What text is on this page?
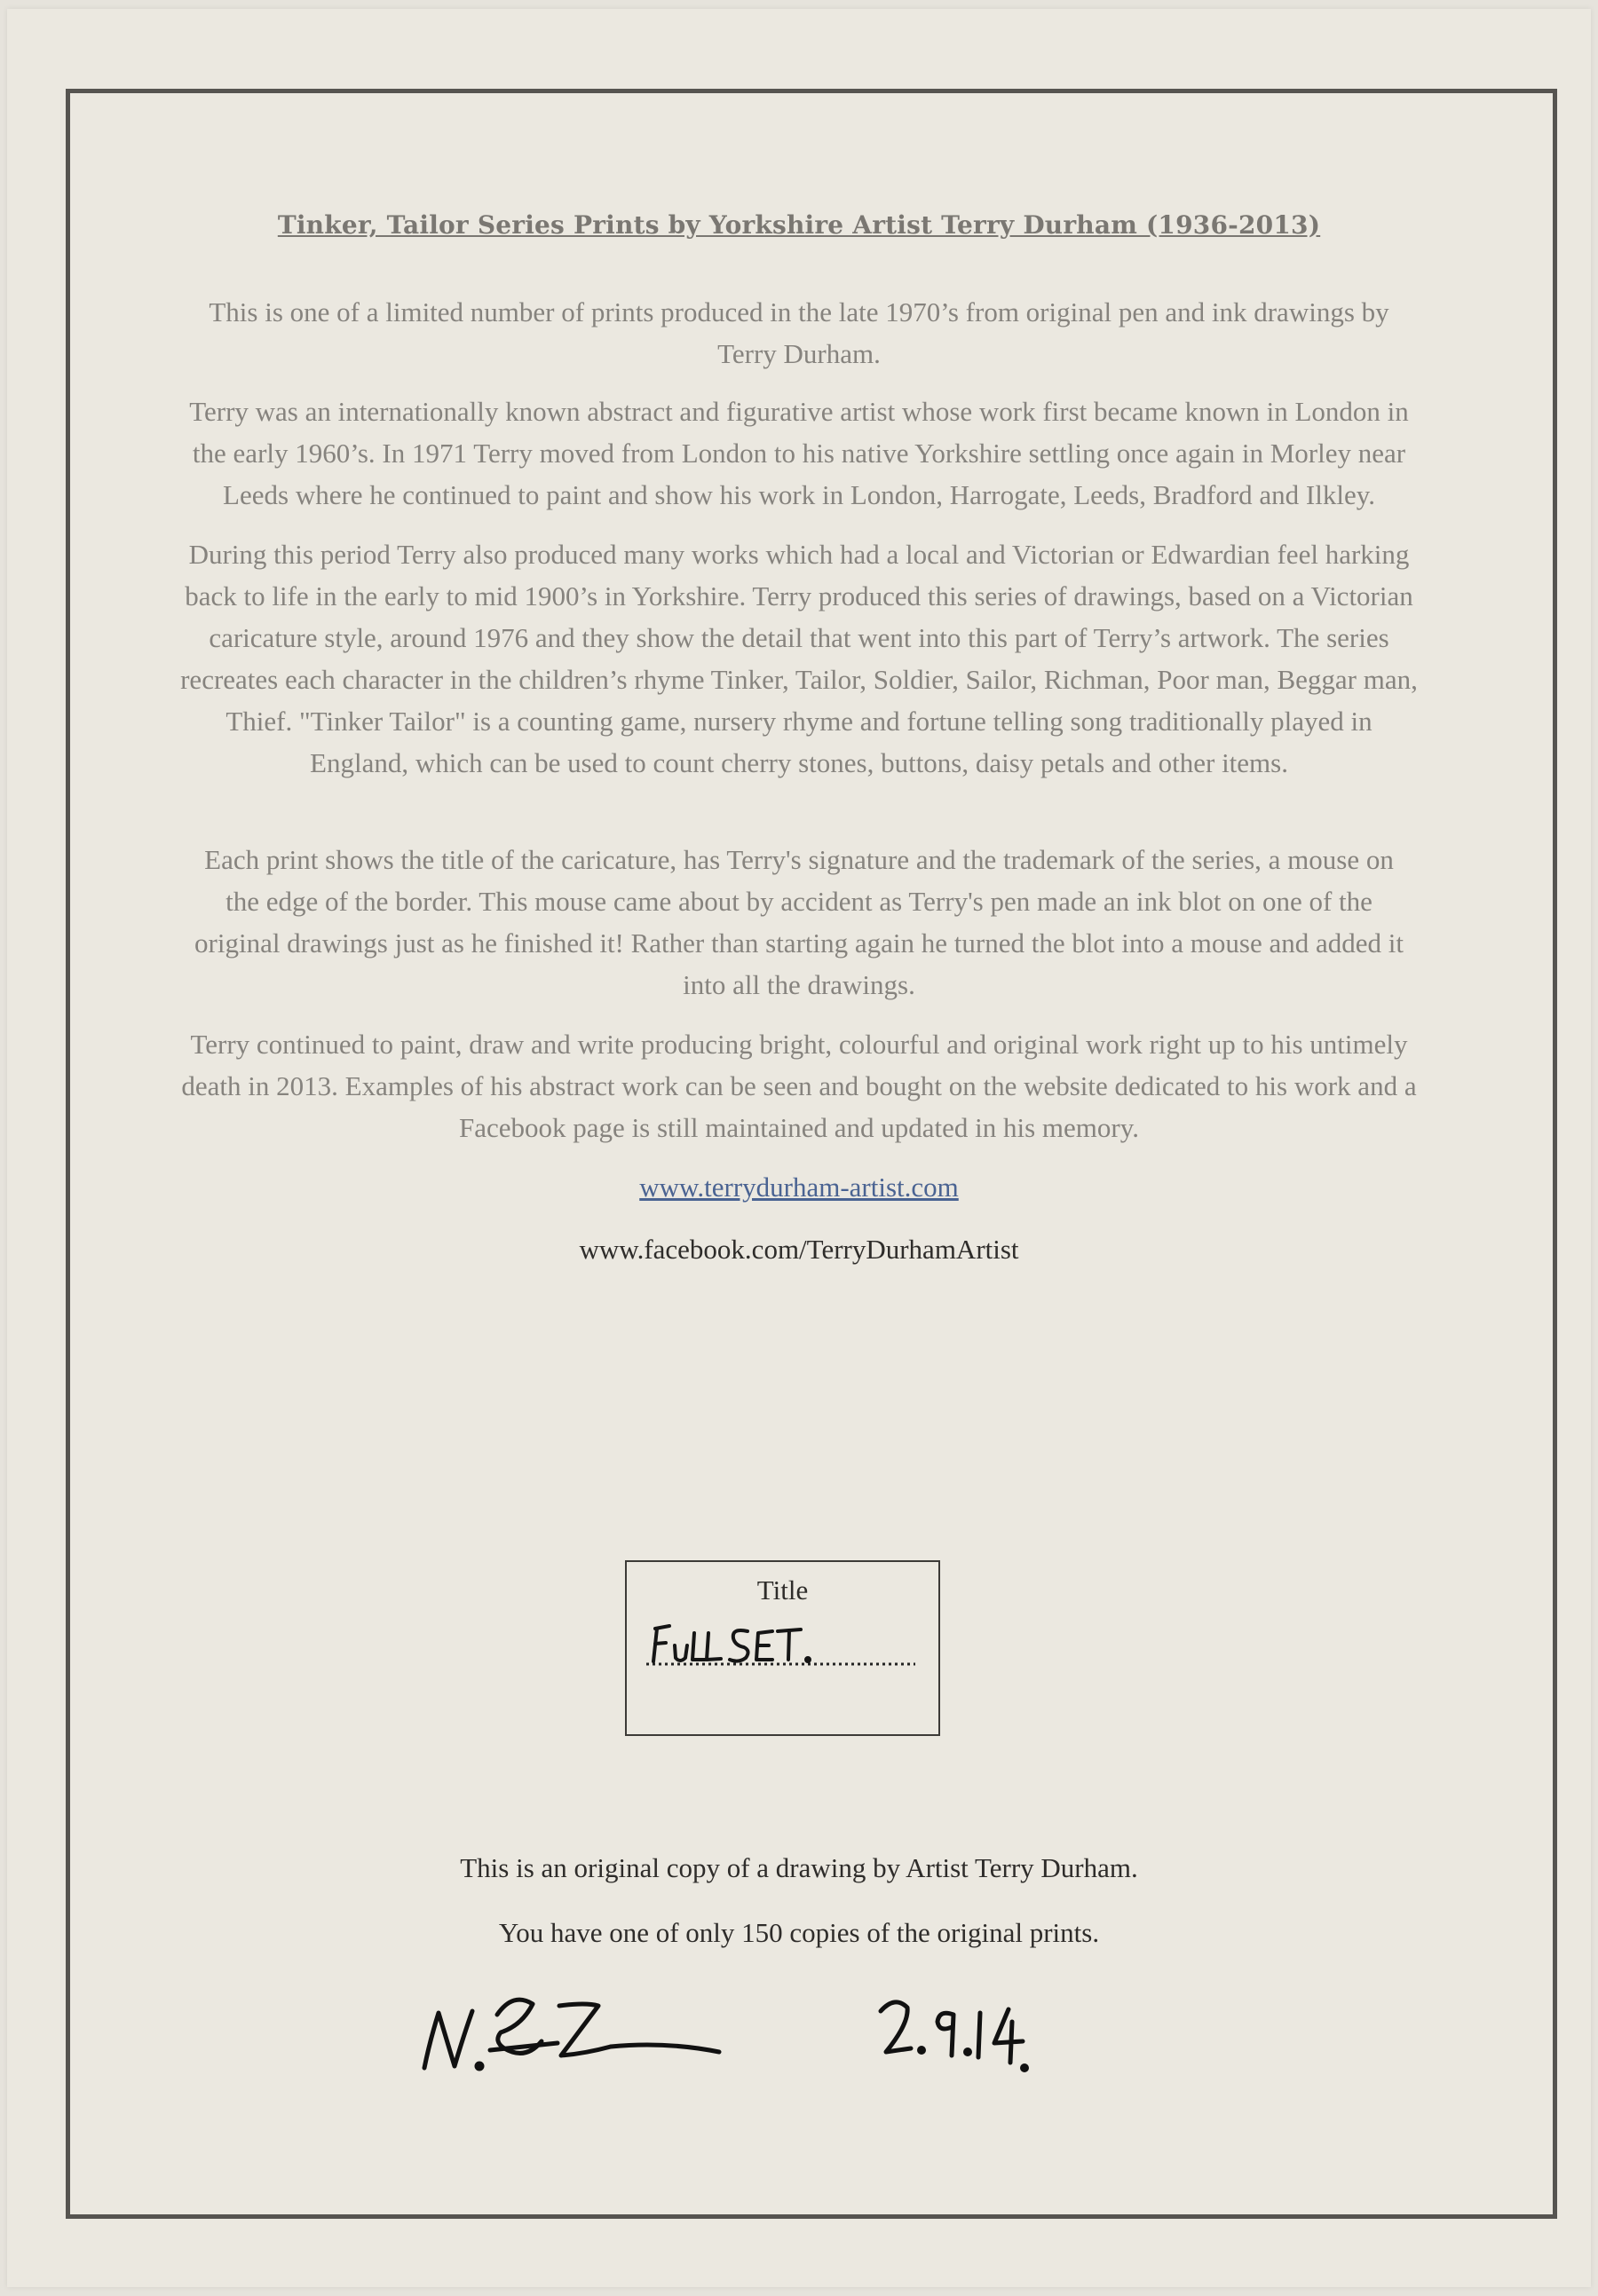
Tinker, Tailor Series Prints by Yorkshire Artist Terry Durham (1936-2013)

This is one of a limited number of prints produced in the late 1970’s from original pen and ink drawings by Terry Durham.

Terry was an internationally known abstract and figurative artist whose work first became known in London in the early 1960’s. In 1971 Terry moved from London to his native Yorkshire settling once again in Morley near Leeds where he continued to paint and show his work in London, Harrogate, Leeds, Bradford and Ilkley.

During this period Terry also produced many works which had a local and Victorian or Edwardian feel harking back to life in the early to mid 1900’s in Yorkshire. Terry produced this series of drawings, based on a Victorian caricature style, around 1976 and they show the detail that went into this part of Terry’s artwork. The series recreates each character in the children’s rhyme Tinker, Tailor, Soldier, Sailor, Richman, Poor man, Beggar man, Thief. "Tinker Tailor" is a counting game, nursery rhyme and fortune telling song traditionally played in England, which can be used to count cherry stones, buttons, daisy petals and other items.

Each print shows the title of the caricature, has Terry's signature and the trademark of the series, a mouse on the edge of the border. This mouse came about by accident as Terry's pen made an ink blot on one of the original drawings just as he finished it! Rather than starting again he turned the blot into a mouse and added it into all the drawings.

Terry continued to paint, draw and write producing bright, colourful and original work right up to his untimely death in 2013. Examples of his abstract work can be seen and bought on the website dedicated to his work and a Facebook page is still maintained and updated in his memory.

www.terrydurham-artist.com
www.facebook.com/TerryDurhamArtist
Title
This is an original copy of a drawing by Artist Terry Durham.
You have one of only 150 copies of the original prints.
